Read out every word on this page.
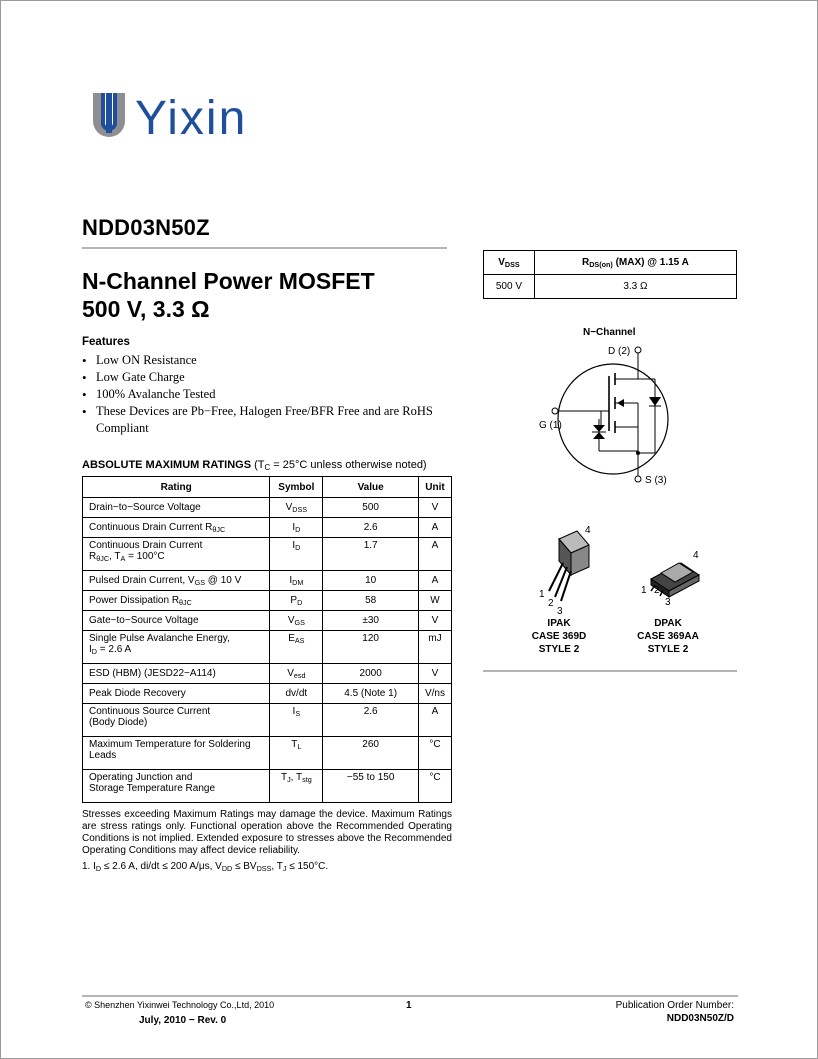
Yixin
NDD03N50Z
N-Channel Power MOSFET
500 V, 3.3 Ω
Features
• Low ON Resistance
• Low Gate Charge
• 100% Avalanche Tested
• These Devices are Pb−Free, Halogen Free/BFR Free and are RoHS Compliant
$V_{DSS}$	$R_{DS(on)}$ (MAX) @ 1.15 A
500 V	3.3 Ω
N−Channel
D (2)
G (1)
S (3)
1
2
3
4
1 2
3
4
IPAK
CASE 369D
STYLE 2
DPAK
CASE 369AA
STYLE 2
ABSOLUTE MAXIMUM RATINGS ($T_C = 25^\circ C$ unless otherwise noted)
Rating	Symbol	Value	Unit
Drain−to−Source Voltage	$V_{DSS}$	500	V
Continuous Drain Current $R_{\theta JC}$	$I_D$	2.6	A

Continuous Drain Current
$R_{\theta JC}$, $T_A = 100^\circ C$	$I_D$	1.7	A
Pulsed Drain Current, $V_{GS}$ @ 10 V	$I_{DM}$	10	A
Power Dissipation $R_{\theta JC}$	$P_D$	58	W
Gate−to−Source Voltage	$V_{GS}$	±30	V

Single Pulse Avalanche Energy,
$I_D = 2.6$ A	$E_{AS}$	120	mJ
ESD (HBM) (JESD22−A114)	$V_{esd}$	2000	V
Peak Diode Recovery	dv/dt	4.5 (Note 1)	V/ns

Continuous Source Current
(Body Diode)	$I_S$	2.6	A

Maximum Temperature for Soldering
Leads	$T_L$	260	°C

Operating Junction and
Storage Temperature Range	$T_J$, $T_{stg}$	−55 to 150	°C
Stresses exceeding Maximum Ratings may damage the device. Maximum Ratings are stress ratings only. Functional operation above the Recommended Operating Conditions is not implied. Extended exposure to stresses above the Recommended Operating Conditions may affect device reliability.
1. $I_D \le 2.6$ A, di/dt ≤ 200 A/μs, $V_{DD} \le BV_{DSS}$, $T_J \le 150^\circ C$.
© Shenzhen Yixinwei Technology Co.,Ltd, 2010	1
July, 2010 − Rev. 0
Publication Order Number:
NDD03N50Z/D
